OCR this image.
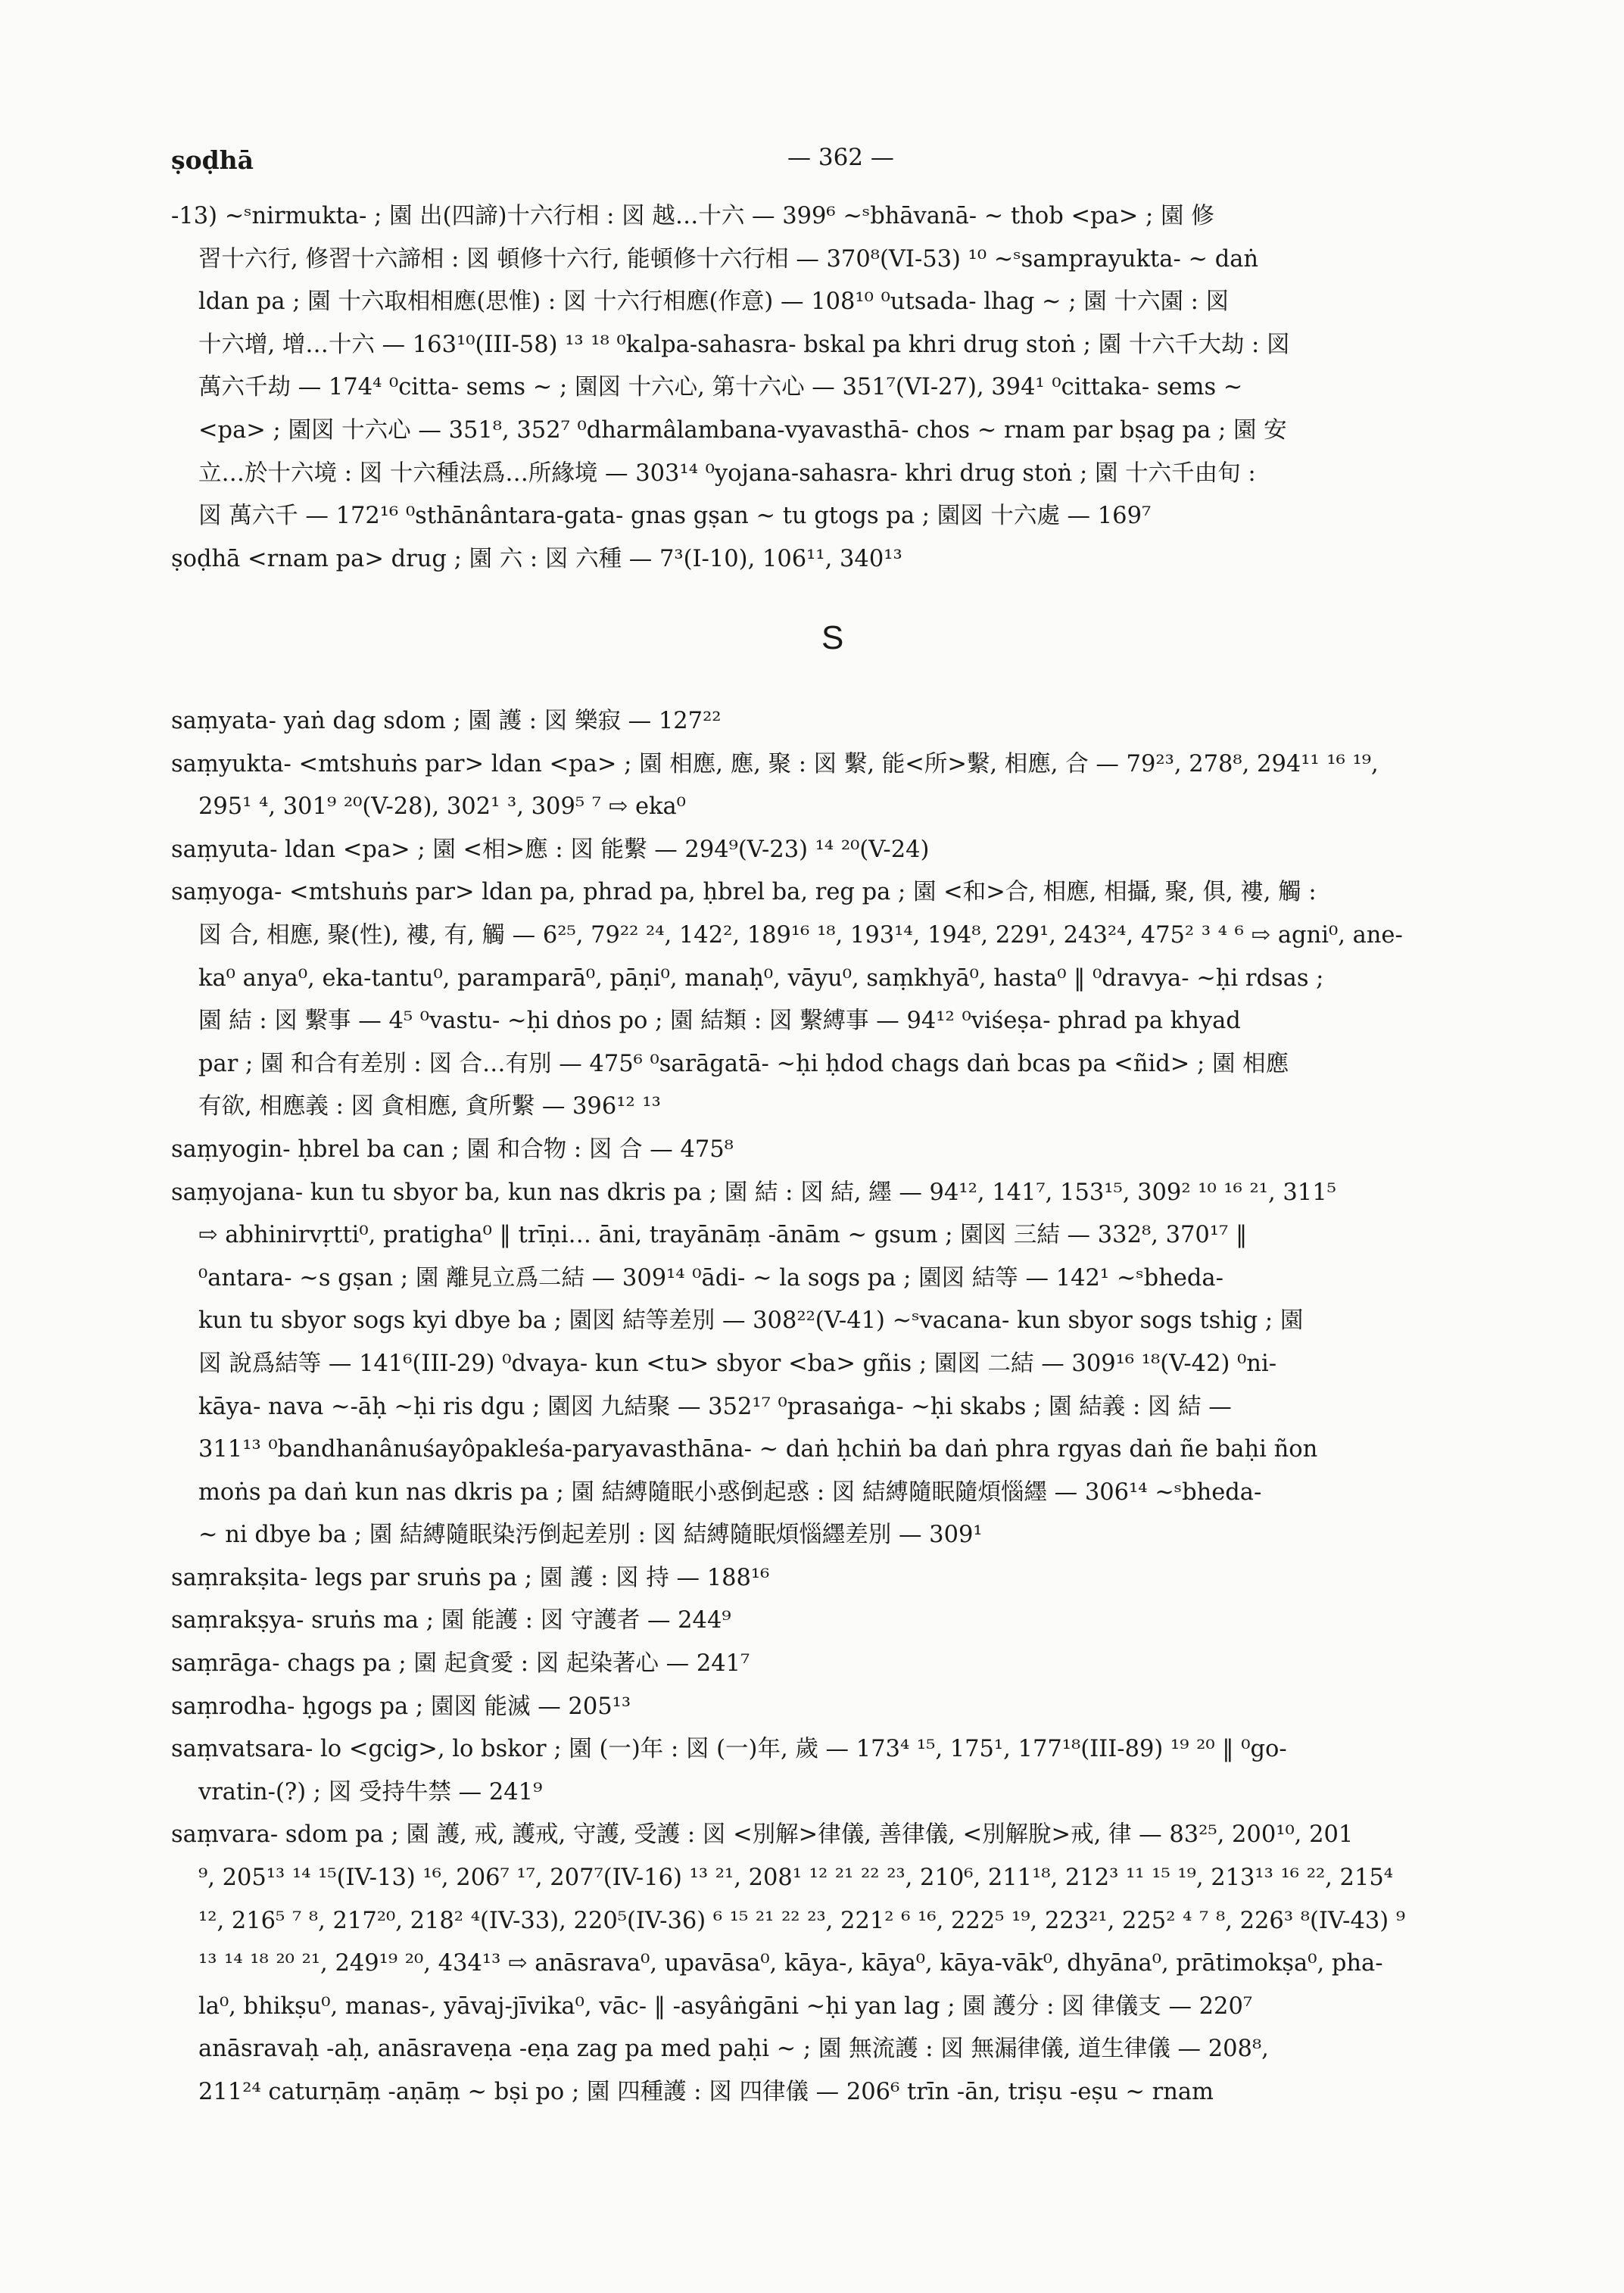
ṣoḍhā	— 362 —
-13) ~ˢnirmukta- ; 園 出(四諦)十六行相 : 図 越…十六 — 399⁶ ~ˢbhāvanā- ~ thob <pa> ; 園 修
習十六行, 修習十六諦相 : 図 頓修十六行, 能頓修十六行相 — 370⁸(VI-53) ¹⁰ ~ˢsamprayukta- ~ daṅ
ldan pa ; 園 十六取相相應(思惟) : 図 十六行相應(作意) — 108¹⁰ ⁰utsada- lhag ~ ; 園 十六園 : 図
十六增, 增…十六 — 163¹⁰(III-58) ¹³ ¹⁸ ⁰kalpa-sahasra- bskal pa khri drug stoṅ ; 園 十六千大劫 : 図
萬六千劫 — 174⁴ ⁰citta- sems ~ ; 園図 十六心, 第十六心 — 351⁷(VI-27), 394¹ ⁰cittaka- sems ~
<pa> ; 園図 十六心 — 351⁸, 352⁷ ⁰dharmâlambana-vyavasthā- chos ~ rnam par bṣag pa ; 園 安
立…於十六境 : 図 十六種法爲…所緣境 — 303¹⁴ ⁰yojana-sahasra- khri drug stoṅ ; 園 十六千由旬 :
図 萬六千 — 172¹⁶ ⁰sthānântara-gata- gnas gṣan ~ tu gtogs pa ; 園図 十六處 — 169⁷
ṣoḍhā <rnam pa> drug ; 園 六 : 図 六種 — 7³(I-10), 106¹¹, 340¹³
S
saṃyata- yaṅ dag sdom ; 園 護 : 図 樂寂 — 127²²
saṃyukta- <mtshuṅs par> ldan <pa> ; 園 相應, 應, 聚 : 図 繫, 能<所>繫, 相應, 合 — 79²³, 278⁸, 294¹¹ ¹⁶ ¹⁹,
295¹ ⁴, 301⁹ ²⁰(V-28), 302¹ ³, 309⁵ ⁷ ⇨ eka⁰
saṃyuta- ldan <pa> ; 園 <相>應 : 図 能繫 — 294⁹(V-23) ¹⁴ ²⁰(V-24)
saṃyoga- <mtshuṅs par> ldan pa, phrad pa, ḥbrel ba, reg pa ; 園 <和>合, 相應, 相攝, 聚, 俱, 褸, 觸 :
図 合, 相應, 聚(性), 褸, 有, 觸 — 6²⁵, 79²² ²⁴, 142², 189¹⁶ ¹⁸, 193¹⁴, 194⁸, 229¹, 243²⁴, 475² ³ ⁴ ⁶ ⇨ agni⁰, ane-
ka⁰ anya⁰, eka-tantu⁰, paramparā⁰, pāṇi⁰, manaḥ⁰, vāyu⁰, saṃkhyā⁰, hasta⁰ ‖ ⁰dravya- ~ḥi rdsas ;
園 結 : 図 繫事 — 4⁵ ⁰vastu- ~ḥi dṅos po ; 園 結類 : 図 繫縛事 — 94¹² ⁰viśeṣa- phrad pa khyad
par ; 園 和合有差別 : 図 合…有別 — 475⁶ ⁰sarāgatā- ~ḥi ḥdod chags daṅ bcas pa <ñid> ; 園 相應
有欲, 相應義 : 図 貪相應, 貪所繫 — 396¹² ¹³
saṃyogin- ḥbrel ba can ; 園 和合物 : 図 合 — 475⁸
saṃyojana- kun tu sbyor ba, kun nas dkris pa ; 園 結 : 図 結, 纆 — 94¹², 141⁷, 153¹⁵, 309² ¹⁰ ¹⁶ ²¹, 311⁵
⇨ abhinirvṛtti⁰, pratigha⁰ ‖ trīṇi… āni, trayānāṃ -ānām ~ gsum ; 園図 三結 — 332⁸, 370¹⁷ ‖
⁰antara- ~s gṣan ; 園 離見立爲二結 — 309¹⁴ ⁰ādi- ~ la sogs pa ; 園図 結等 — 142¹ ~ˢbheda-
kun tu sbyor sogs kyi dbye ba ; 園図 結等差別 — 308²²(V-41) ~ˢvacana- kun sbyor sogs tshig ; 園
図 說爲結等 — 141⁶(III-29) ⁰dvaya- kun <tu> sbyor <ba> gñis ; 園図 二結 — 309¹⁶ ¹⁸(V-42) ⁰ni-
kāya- nava ~-āḥ ~ḥi ris dgu ; 園図 九結聚 — 352¹⁷ ⁰prasaṅga- ~ḥi skabs ; 園 結義 : 図 結 —
311¹³ ⁰bandhanânuśayôpakleśa-paryavasthāna- ~ daṅ ḥchiṅ ba daṅ phra rgyas daṅ ñe baḥi ñon
moṅs pa daṅ kun nas dkris pa ; 園 結縛隨眠小惑倒起惑 : 図 結縛隨眠隨煩惱纆 — 306¹⁴ ~ˢbheda-
~ ni dbye ba ; 園 結縛隨眠染汚倒起差別 : 図 結縛隨眠煩惱纆差別 — 309¹
saṃrakṣita- legs par sruṅs pa ; 園 護 : 図 持 — 188¹⁶
saṃrakṣya- sruṅs ma ; 園 能護 : 図 守護者 — 244⁹
saṃrāga- chags pa ; 園 起貪愛 : 図 起染著心 — 241⁷
saṃrodha- ḥgogs pa ; 園図 能滅 — 205¹³
saṃvatsara- lo <gcig>, lo bskor ; 園 (一)年 : 図 (一)年, 歲 — 173⁴ ¹⁵, 175¹, 177¹⁸(III-89) ¹⁹ ²⁰ ‖ ⁰go-
vratin-(?) ; 図 受持牛禁 — 241⁹
saṃvara- sdom pa ; 園 護, 戒, 護戒, 守護, 受護 : 図 <別解>律儀, 善律儀, <別解脫>戒, 律 — 83²⁵, 200¹⁰, 201
⁹, 205¹³ ¹⁴ ¹⁵(IV-13) ¹⁶, 206⁷ ¹⁷, 207⁷(IV-16) ¹³ ²¹, 208¹ ¹² ²¹ ²² ²³, 210⁶, 211¹⁸, 212³ ¹¹ ¹⁵ ¹⁹, 213¹³ ¹⁶ ²², 215⁴
¹², 216⁵ ⁷ ⁸, 217²⁰, 218² ⁴(IV-33), 220⁵(IV-36) ⁶ ¹⁵ ²¹ ²² ²³, 221² ⁶ ¹⁶, 222⁵ ¹⁹, 223²¹, 225² ⁴ ⁷ ⁸, 226³ ⁸(IV-43) ⁹
¹³ ¹⁴ ¹⁸ ²⁰ ²¹, 249¹⁹ ²⁰, 434¹³ ⇨ anāsrava⁰, upavāsa⁰, kāya-, kāya⁰, kāya-vāk⁰, dhyāna⁰, prātimokṣa⁰, pha-
la⁰, bhikṣu⁰, manas-, yāvaj-jīvika⁰, vāc- ‖ -asyâṅgāni ~ḥi yan lag ; 園 護分 : 図 律儀支 — 220⁷
anāsravaḥ -aḥ, anāsraveṇa -eṇa zag pa med paḥi ~ ; 園 無流護 : 図 無漏律儀, 道生律儀 — 208⁸,
211²⁴ caturṇāṃ -aṇāṃ ~ bṣi po ; 園 四種護 : 図 四律儀 — 206⁶ trīn -ān, triṣu -eṣu ~ rnam
